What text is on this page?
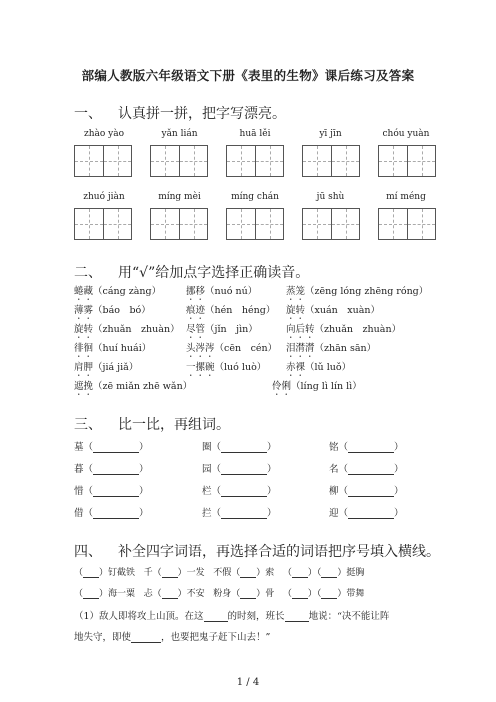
部编人教版六年级语文下册《表里的生物》课后练习及答案
一、 认真拼一拼，把字写漂亮。
zhào yào	yǎn lián	huā lěi	yī jīn	chóu yuàn
zhuó jiàn	míng mèi	míng chán	jū shù	mí méng
二、 用“√”给加点字选择正确读音。
蜷藏（cáng zàng）	挪移（nuó nú）	蒸笼（zēng lóng zhēng róng）
薄雾（báo　bó）	痕迹（hén　héng） 旋转（xuán　xuàn）
旋转（zhuǎn　zhuàn） 尽管（jǐn　jìn）	向后转（zhuǎn　zhuàn）
徘徊（huí huái）	头涔涔（cēn　cén） 泪潸潸（zhān sān）
肩胛（jiá jiǎ）	一摞碗（luó luò） 赤裸（lǔ luǒ）
遮挽（zē miǎn zhē wǎn）	伶俐（líng lì lín lì）
三、 比一比，再组词。
墓（	）	圈（	）	铭（	）
暮（	）	园（	）	名（	）
惜（	）	栏（	）	柳（	）
借（	）	拦（	）	迎（	）
四、 补全四字词语，再选择合适的词语把序号填入横线。
（ ）钉截铁 千（ ）一发 不假（ ）索 （ ）（ ）挺胸
（ ）海一粟 忐（ ）不安 粉身（ ）骨 （ ）（ ）带舞
（1）敌人即将攻上山顶。在这	的时刻，班长	地说：“决不能让阵
地失守，即使	，也要把鬼子赶下山去！”
1 / 4
